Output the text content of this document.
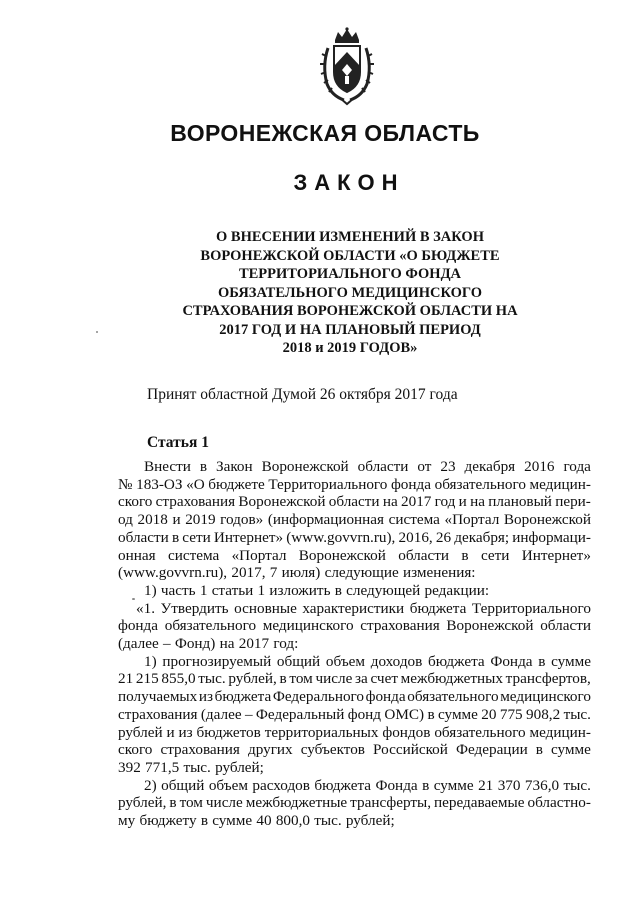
ВОРОНЕЖСКАЯ ОБЛАСТЬ
ЗАКОН
О ВНЕСЕНИИ ИЗМЕНЕНИЙ В ЗАКОН
ВОРОНЕЖСКОЙ ОБЛАСТИ «О БЮДЖЕТЕ
ТЕРРИТОРИАЛЬНОГО ФОНДА
ОБЯЗАТЕЛЬНОГО МЕДИЦИНСКОГО
СТРАХОВАНИЯ ВОРОНЕЖСКОЙ ОБЛАСТИ НА
2017 ГОД И НА ПЛАНОВЫЙ ПЕРИОД
2018 и 2019 ГОДОВ»
Принят областной Думой 26 октября 2017 года
Статья 1
Внести в Закон Воронежской области от 23 декабря 2016 года
№ 183-ОЗ «О бюджете Территориального фонда обязательного медицин-
ского страхования Воронежской области на 2017 год и на плановый пери-
од 2018 и 2019 годов» (информационная система «Портал Воронежской
области в сети Интернет» (www.govvrn.ru), 2016, 26 декабря; информаци-
онная система «Портал Воронежской области в сети Интернет»
(www.govvrn.ru), 2017, 7 июля) следующие изменения:
1) часть 1 статьи 1 изложить в следующей редакции:
«1. Утвердить основные характеристики бюджета Территориального
фонда обязательного медицинского страхования Воронежской области
(далее – Фонд) на 2017 год:
1) прогнозируемый общий объем доходов бюджета Фонда в сумме
21 215 855,0 тыс. рублей, в том числе за счет межбюджетных трансфертов,
получаемых из бюджета Федерального фонда обязательного медицинского
страхования (далее – Федеральный фонд ОМС) в сумме 20 775 908,2 тыс.
рублей и из бюджетов территориальных фондов обязательного медицин-
ского страхования других субъектов Российской Федерации в сумме
392 771,5 тыс. рублей;
2) общий объем расходов бюджета Фонда в сумме 21 370 736,0 тыс.
рублей, в том числе межбюджетные трансферты, передаваемые областно-
му бюджету в сумме 40 800,0 тыс. рублей;
